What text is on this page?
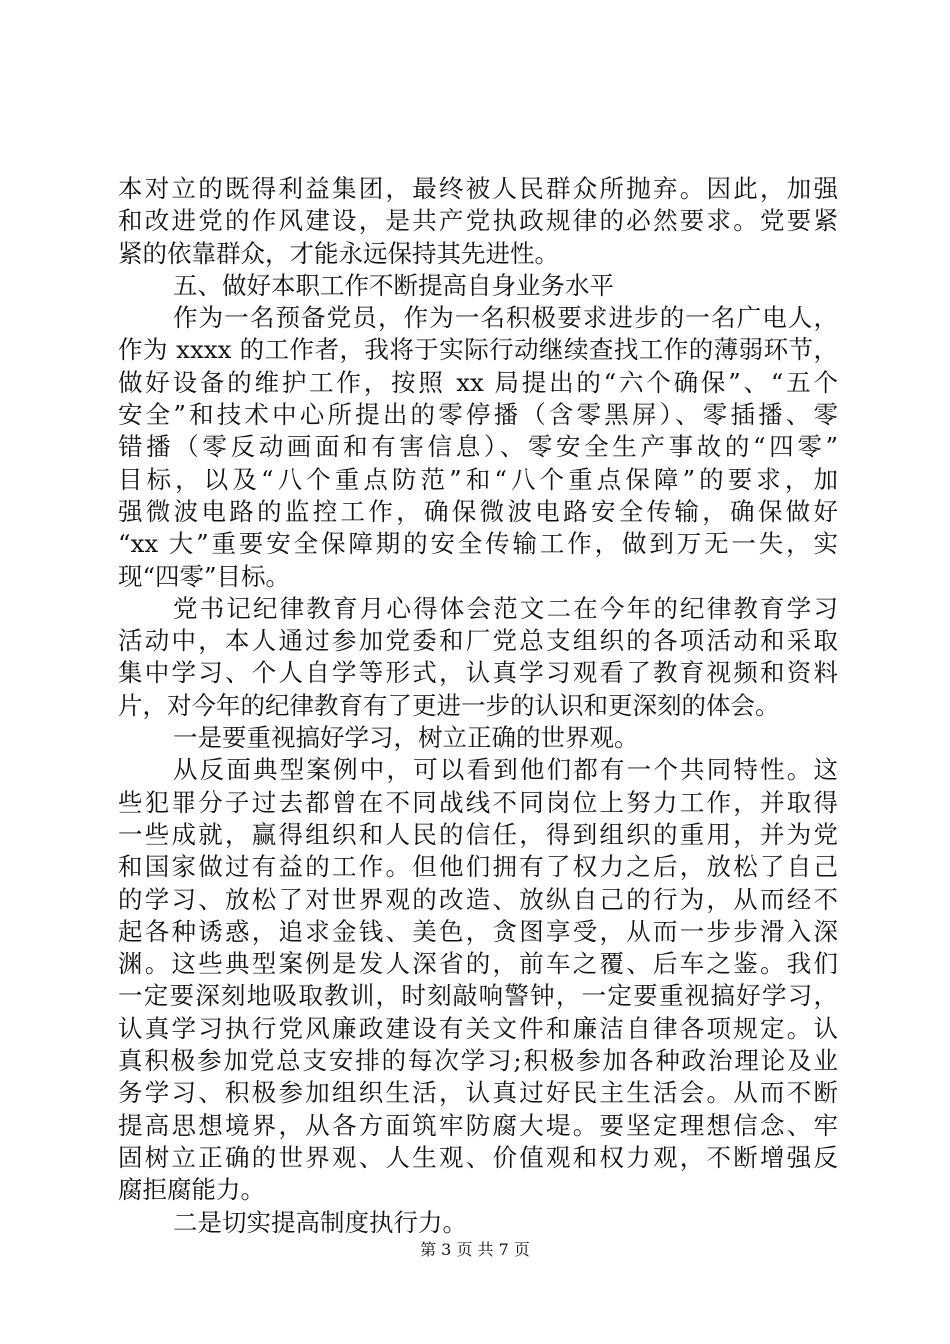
本对立的既得利益集团，最终被人民群众所抛弃。因此，加强
和改进党的作风建设，是共产党执政规律的必然要求。党要紧
紧的依靠群众，才能永远保持其先进性。
五、做好本职工作不断提高自身业务水平
作为一名预备党员，作为一名积极要求进步的一名广电人，
作为 xxxx 的工作者，我将于实际行动继续查找工作的薄弱环节，
做好设备的维护工作，按照 xx 局提出的“六个确保”、“五个
安全”和技术中心所提出的零停播（含零黑屏）、零插播、零
错播（零反动画面和有害信息）、零安全生产事故的“四零”
目标，以及“八个重点防范”和“八个重点保障”的要求，加
强微波电路的监控工作，确保微波电路安全传输，确保做好
“xx 大”重要安全保障期的安全传输工作，做到万无一失，实
现“四零”目标。
党书记纪律教育月心得体会范文二在今年的纪律教育学习
活动中，本人通过参加党委和厂党总支组织的各项活动和采取
集中学习、个人自学等形式，认真学习观看了教育视频和资料
片，对今年的纪律教育有了更进一步的认识和更深刻的体会。
一是要重视搞好学习，树立正确的世界观。
从反面典型案例中，可以看到他们都有一个共同特性。这
些犯罪分子过去都曾在不同战线不同岗位上努力工作，并取得
一些成就，赢得组织和人民的信任，得到组织的重用，并为党
和国家做过有益的工作。但他们拥有了权力之后，放松了自己
的学习、放松了对世界观的改造、放纵自己的行为，从而经不
起各种诱惑，追求金钱、美色，贪图享受，从而一步步滑入深
渊。这些典型案例是发人深省的，前车之覆、后车之鉴。我们
一定要深刻地吸取教训，时刻敲响警钟，一定要重视搞好学习，
认真学习执行党风廉政建设有关文件和廉洁自律各项规定。认
真积极参加党总支安排的每次学习;积极参加各种政治理论及业
务学习、积极参加组织生活，认真过好民主生活会。从而不断
提高思想境界，从各方面筑牢防腐大堤。要坚定理想信念、牢
固树立正确的世界观、人生观、价值观和权力观，不断增强反
腐拒腐能力。
二是切实提高制度执行力。
第 3 页 共 7 页
